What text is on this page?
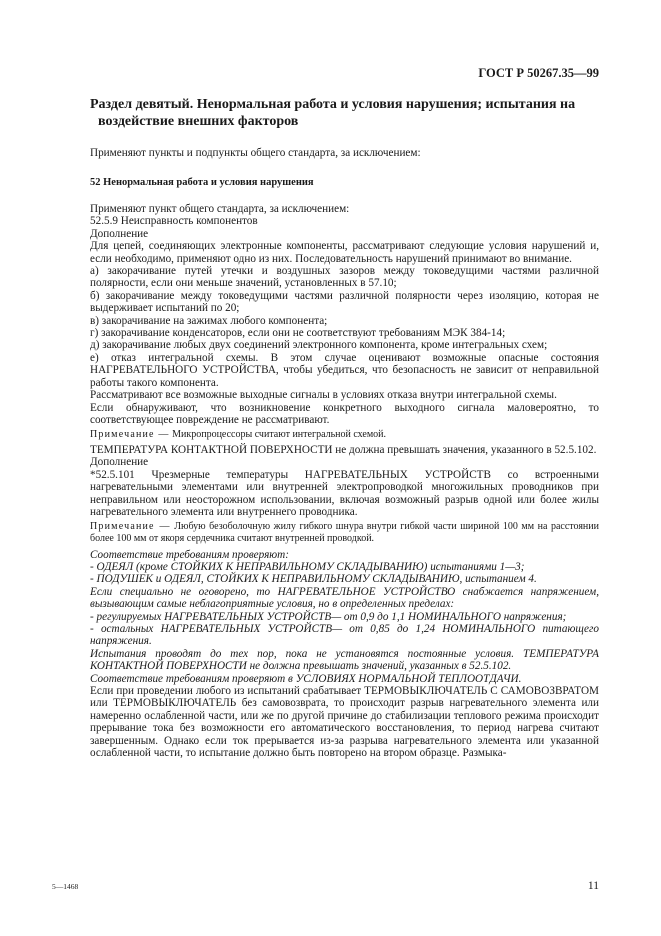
ГОСТ Р 50267.35—99
Раздел девятый. Ненормальная работа и условия нарушения; испытания на
воздействие внешних факторов
Применяют пункты и подпункты общего стандарта, за исключением:
52 Ненормальная работа и условия нарушения

Применяют пункт общего стандарта, за исключением:

52.5.9 Неисправность компонентов

Дополнение

Для цепей, соединяющих электронные компоненты, рассматривают следующие условия нарушений и, если необходимо, применяют одно из них. Последовательность нарушений принимают во внимание.

а) закорачивание путей утечки и воздушных зазоров между токоведущими частями различной полярности, если они меньше значений, установленных в 57.10;

б) закорачивание между токоведущими частями различной полярности через изоляцию, которая не выдерживает испытаний по 20;

в) закорачивание на зажимах любого компонента;

г) закорачивание конденсаторов, если они не соответствуют требованиям МЭК 384-14;

д) закорачивание любых двух соединений электронного компонента, кроме интегральных схем;

е) отказ интегральной схемы. В этом случае оценивают возможные опасные состояния НАГРЕВАТЕЛЬНОГО УСТРОЙСТВА, чтобы убедиться, что безопасность не зависит от неправильной работы такого компонента.

Рассматривают все возможные выходные сигналы в условиях отказа внутри интегральной схемы.

Если обнаруживают, что возникновение конкретного выходного сигнала маловероятно, то соответствующее повреждение не рассматривают.

Примечание — Микропроцессоры считают интегральной схемой.

ТЕМПЕРАТУРА КОНТАКТНОЙ ПОВЕРХНОСТИ не должна превышать значения, указанного в 52.5.102.

Дополнение

*52.5.101 Чрезмерные температуры НАГРЕВАТЕЛЬНЫХ УСТРОЙСТВ со встроенными нагревательными элементами или внутренней электропроводкой многожильных проводников при неправильном или неосторожном использовании, включая возможный разрыв одной или более жилы нагревательного элемента или внутреннего проводника.

Примечание — Любую безоболочную жилу гибкого шнура внутри гибкой части шириной 100 мм на расстоянии более 100 мм от якоря сердечника считают внутренней проводкой.

Соответствие требованиям проверяют:

- ОДЕЯЛ (кроме СТОЙКИХ К НЕПРАВИЛЬНОМУ СКЛАДЫВАНИЮ) испытаниями 1—3;

- ПОДУШЕК и ОДЕЯЛ, СТОЙКИХ К НЕПРАВИЛЬНОМУ СКЛАДЫВАНИЮ, испытанием 4.

Если специально не оговорено, то НАГРЕВАТЕЛЬНОЕ УСТРОЙСТВО снабжается напряжением, вызывающим самые неблагоприятные условия, но в определенных пределах:

- регулируемых НАГРЕВАТЕЛЬНЫХ УСТРОЙСТВ— от 0,9 до 1,1 НОМИНАЛЬНОГО напряжения;

- остальных НАГРЕВАТЕЛЬНЫХ УСТРОЙСТВ— от 0,85 до 1,24 НОМИНАЛЬНОГО питающего напряжения.

Испытания проводят до тех пор, пока не установятся постоянные условия. ТЕМПЕРАТУРА КОНТАКТНОЙ ПОВЕРХНОСТИ не должна превышать значений, указанных в 52.5.102.

Соответствие требованиям проверяют в УСЛОВИЯХ НОРМАЛЬНОЙ ТЕПЛООТДАЧИ.

Если при проведении любого из испытаний срабатывает ТЕРМОВЫКЛЮЧАТЕЛЬ С САМОВОЗВРАТОМ или ТЕРМОВЫКЛЮЧАТЕЛЬ без самовозврата, то происходит разрыв нагревательного элемента или намеренно ослабленной части, или же по другой причине до стабилизации теплового режима происходит прерывание тока без возможности его автоматического восстановления, то период нагрева считают завершенным. Однако если ток прерывается из-за разрыва нагревательного элемента или указанной ослабленной части, то испытание должно быть повторено на втором образце. Размыка-

5—1468	11
